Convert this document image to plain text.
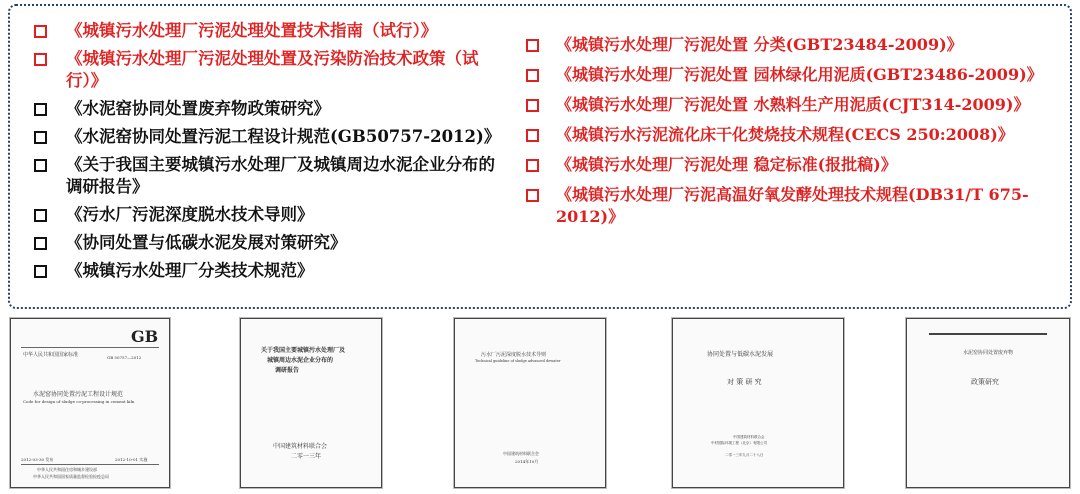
《城镇污水处理厂污泥处理处置技术指南（试行）》
《城镇污水处理厂污泥处理处置及污染防治技术政策（试行）》
《水泥窑协同处置废弃物政策研究》
《水泥窑协同处置污泥工程设计规范(GB50757-2012)》
《关于我国主要城镇污水处理厂及城镇周边水泥企业分布的调研报告》
《污水厂污泥深度脱水技术导则》
《协同处置与低碳水泥发展对策研究》
《城镇污水处理厂分类技术规范》
《城镇污水处理厂污泥处置 分类(GBT23484-2009)》
《城镇污水处理厂污泥处置 园林绿化用泥质(GBT23486-2009)》
《城镇污水处理厂污泥处置 水熟料生产用泥质(CJT314-2009)》
《城镇污水污泥流化床干化焚烧技术规程(CECS 250:2008)》
《城镇污水处理厂污泥处理 稳定标准(报批稿)》
《城镇污水处理厂污泥高温好氧发酵处理技术规程(DB31/T 675-2012)》
GB
中华人民共和国国家标准	GB 50757—2012
水泥窑协同处置污泥工程设计规范
Code for design of sludge co-processing in cement kiln
2012-03-30 发布	2012-10-01 实施
中华人民共和国住房和城乡建设部
中华人民共和国国家质量监督检验检疫总局
关于我国主要城镇污水处理厂及
城镇周边水泥企业分布的
调研报告
中国建筑材料联合会
二零一三年
污水厂污泥深度脱水技术导则
Technical guideline of sludge advanced dewater
中国建筑材料联合会
2014年10月
协同处置与低碳水泥发展
对 策 研 究
中国建筑材料联合会
中材国际环境工程（北京）有限公司
二零一三年九月二十八日
水泥窑协同处置废弃物
政策研究
